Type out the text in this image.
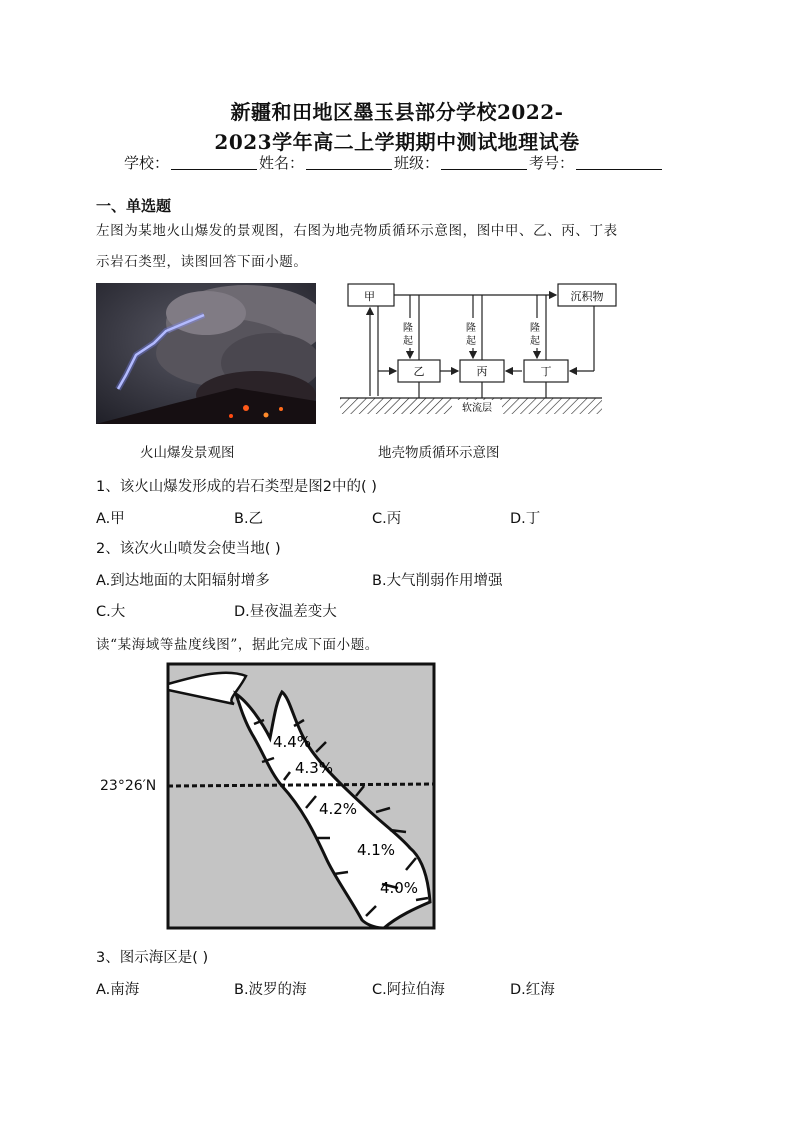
新疆和田地区墨玉县部分学校2022-
2023学年高二上学期期中测试地理试卷
学校：	姓名：	班级：	考号：
一、单选题
左图为某地火山爆发的景观图，右图为地壳物质循环示意图，图中甲、乙、丙、丁表
示岩石类型，读图回答下面小题。
软流层
甲	沉积物
乙	丙	丁
隆起
隆起
隆起
火山爆发景观图	地壳物质循环示意图
1、该火山爆发形成的岩石类型是图2中的( )
A.甲	B.乙	C.丙	D.丁
2、该次火山喷发会使当地( )
A.到达地面的太阳辐射增多	B.大气削弱作用增强
C.大	D.昼夜温差变大
读“某海域等盐度线图”，据此完成下面小题。
23°26′N
4.4%
4.3%
4.2%
4.1%
4.0%
3、图示海区是( )
A.南海	B.波罗的海	C.阿拉伯海	D.红海
